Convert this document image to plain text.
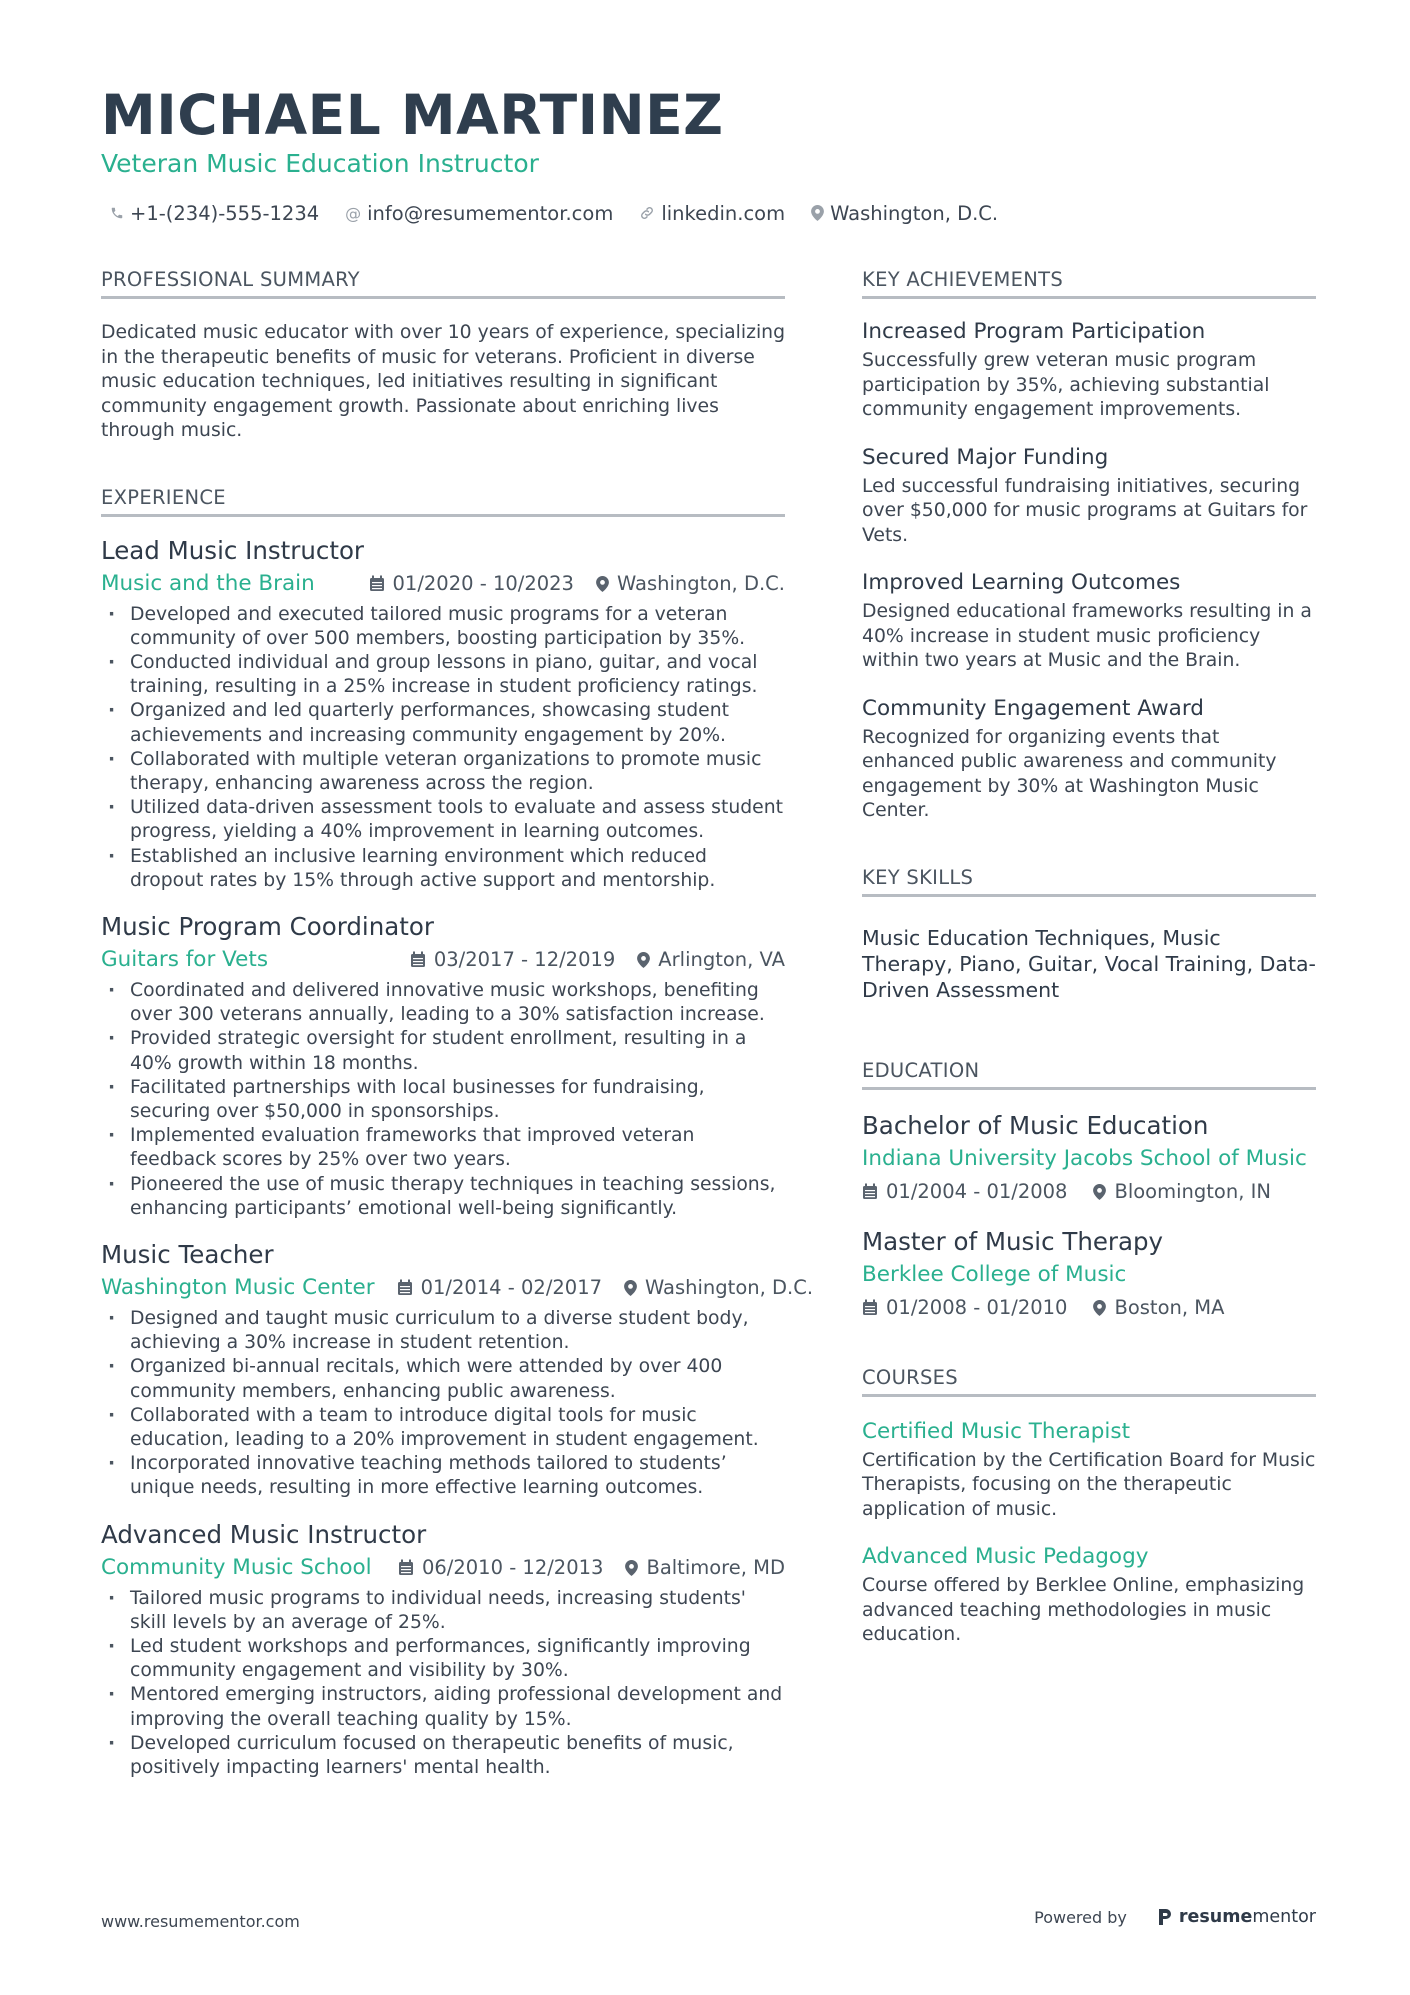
MICHAEL MARTINEZ
Veteran Music Education Instructor
+1-(234)-555-1234 @ info@resumementor.com linkedin.com Washington, D.C.
PROFESSIONAL SUMMARY
Dedicated music educator with over 10 years of experience, specializing in the therapeutic benefits of music for veterans. Proficient in diverse music education techniques, led initiatives resulting in significant community engagement growth. Passionate about enriching lives through music.
EXPERIENCE
Lead Music Instructor
Music and the Brain	01/2020 - 10/2023 Washington, D.C.
· Developed and executed tailored music programs for a veteran community of over 500 members, boosting participation by 35%.
· Conducted individual and group lessons in piano, guitar, and vocal training, resulting in a 25% increase in student proficiency ratings.
· Organized and led quarterly performances, showcasing student achievements and increasing community engagement by 20%.
· Collaborated with multiple veteran organizations to promote music therapy, enhancing awareness across the region.
· Utilized data-driven assessment tools to evaluate and assess student progress, yielding a 40% improvement in learning outcomes.
· Established an inclusive learning environment which reduced dropout rates by 15% through active support and mentorship.
Music Program Coordinator
Guitars for Vets	03/2017 - 12/2019 Arlington, VA
· Coordinated and delivered innovative music workshops, benefiting over 300 veterans annually, leading to a 30% satisfaction increase.
· Provided strategic oversight for student enrollment, resulting in a 40% growth within 18 months.
· Facilitated partnerships with local businesses for fundraising, securing over $50,000 in sponsorships.
· Implemented evaluation frameworks that improved veteran feedback scores by 25% over two years.
· Pioneered the use of music therapy techniques in teaching sessions, enhancing participants’ emotional well-being significantly.
Music Teacher
Washington Music Center 01/2014 - 02/2017 Washington, D.C.
· Designed and taught music curriculum to a diverse student body, achieving a 30% increase in student retention.
· Organized bi-annual recitals, which were attended by over 400 community members, enhancing public awareness.
· Collaborated with a team to introduce digital tools for music education, leading to a 20% improvement in student engagement.
· Incorporated innovative teaching methods tailored to students’ unique needs, resulting in more effective learning outcomes.
Advanced Music Instructor
Community Music School	06/2010 - 12/2013 Baltimore, MD
· Tailored music programs to individual needs, increasing students' skill levels by an average of 25%.
· Led student workshops and performances, significantly improving community engagement and visibility by 30%.
· Mentored emerging instructors, aiding professional development and improving the overall teaching quality by 15%.
· Developed curriculum focused on therapeutic benefits of music, positively impacting learners' mental health.
KEY ACHIEVEMENTS
Increased Program Participation
Successfully grew veteran music program participation by 35%, achieving substantial community engagement improvements.
Secured Major Funding
Led successful fundraising initiatives, securing over $50,000 for music programs at Guitars for Vets.
Improved Learning Outcomes
Designed educational frameworks resulting in a 40% increase in student music proficiency within two years at Music and the Brain.
Community Engagement Award
Recognized for organizing events that enhanced public awareness and community engagement by 30% at Washington Music Center.
KEY SKILLS
Music Education Techniques, Music Therapy, Piano, Guitar, Vocal Training, Data-Driven Assessment
EDUCATION
Bachelor of Music Education
Indiana University Jacobs School of Music
01/2004 - 01/2008 Bloomington, IN
Master of Music Therapy
Berklee College of Music
01/2008 - 01/2010 Boston, MA
COURSES
Certified Music Therapist
Certification by the Certification Board for Music Therapists, focusing on the therapeutic application of music.
Advanced Music Pedagogy
Course offered by Berklee Online, emphasizing advanced teaching methodologies in music education.
www.resumementor.com	Powered by	resume mentor
